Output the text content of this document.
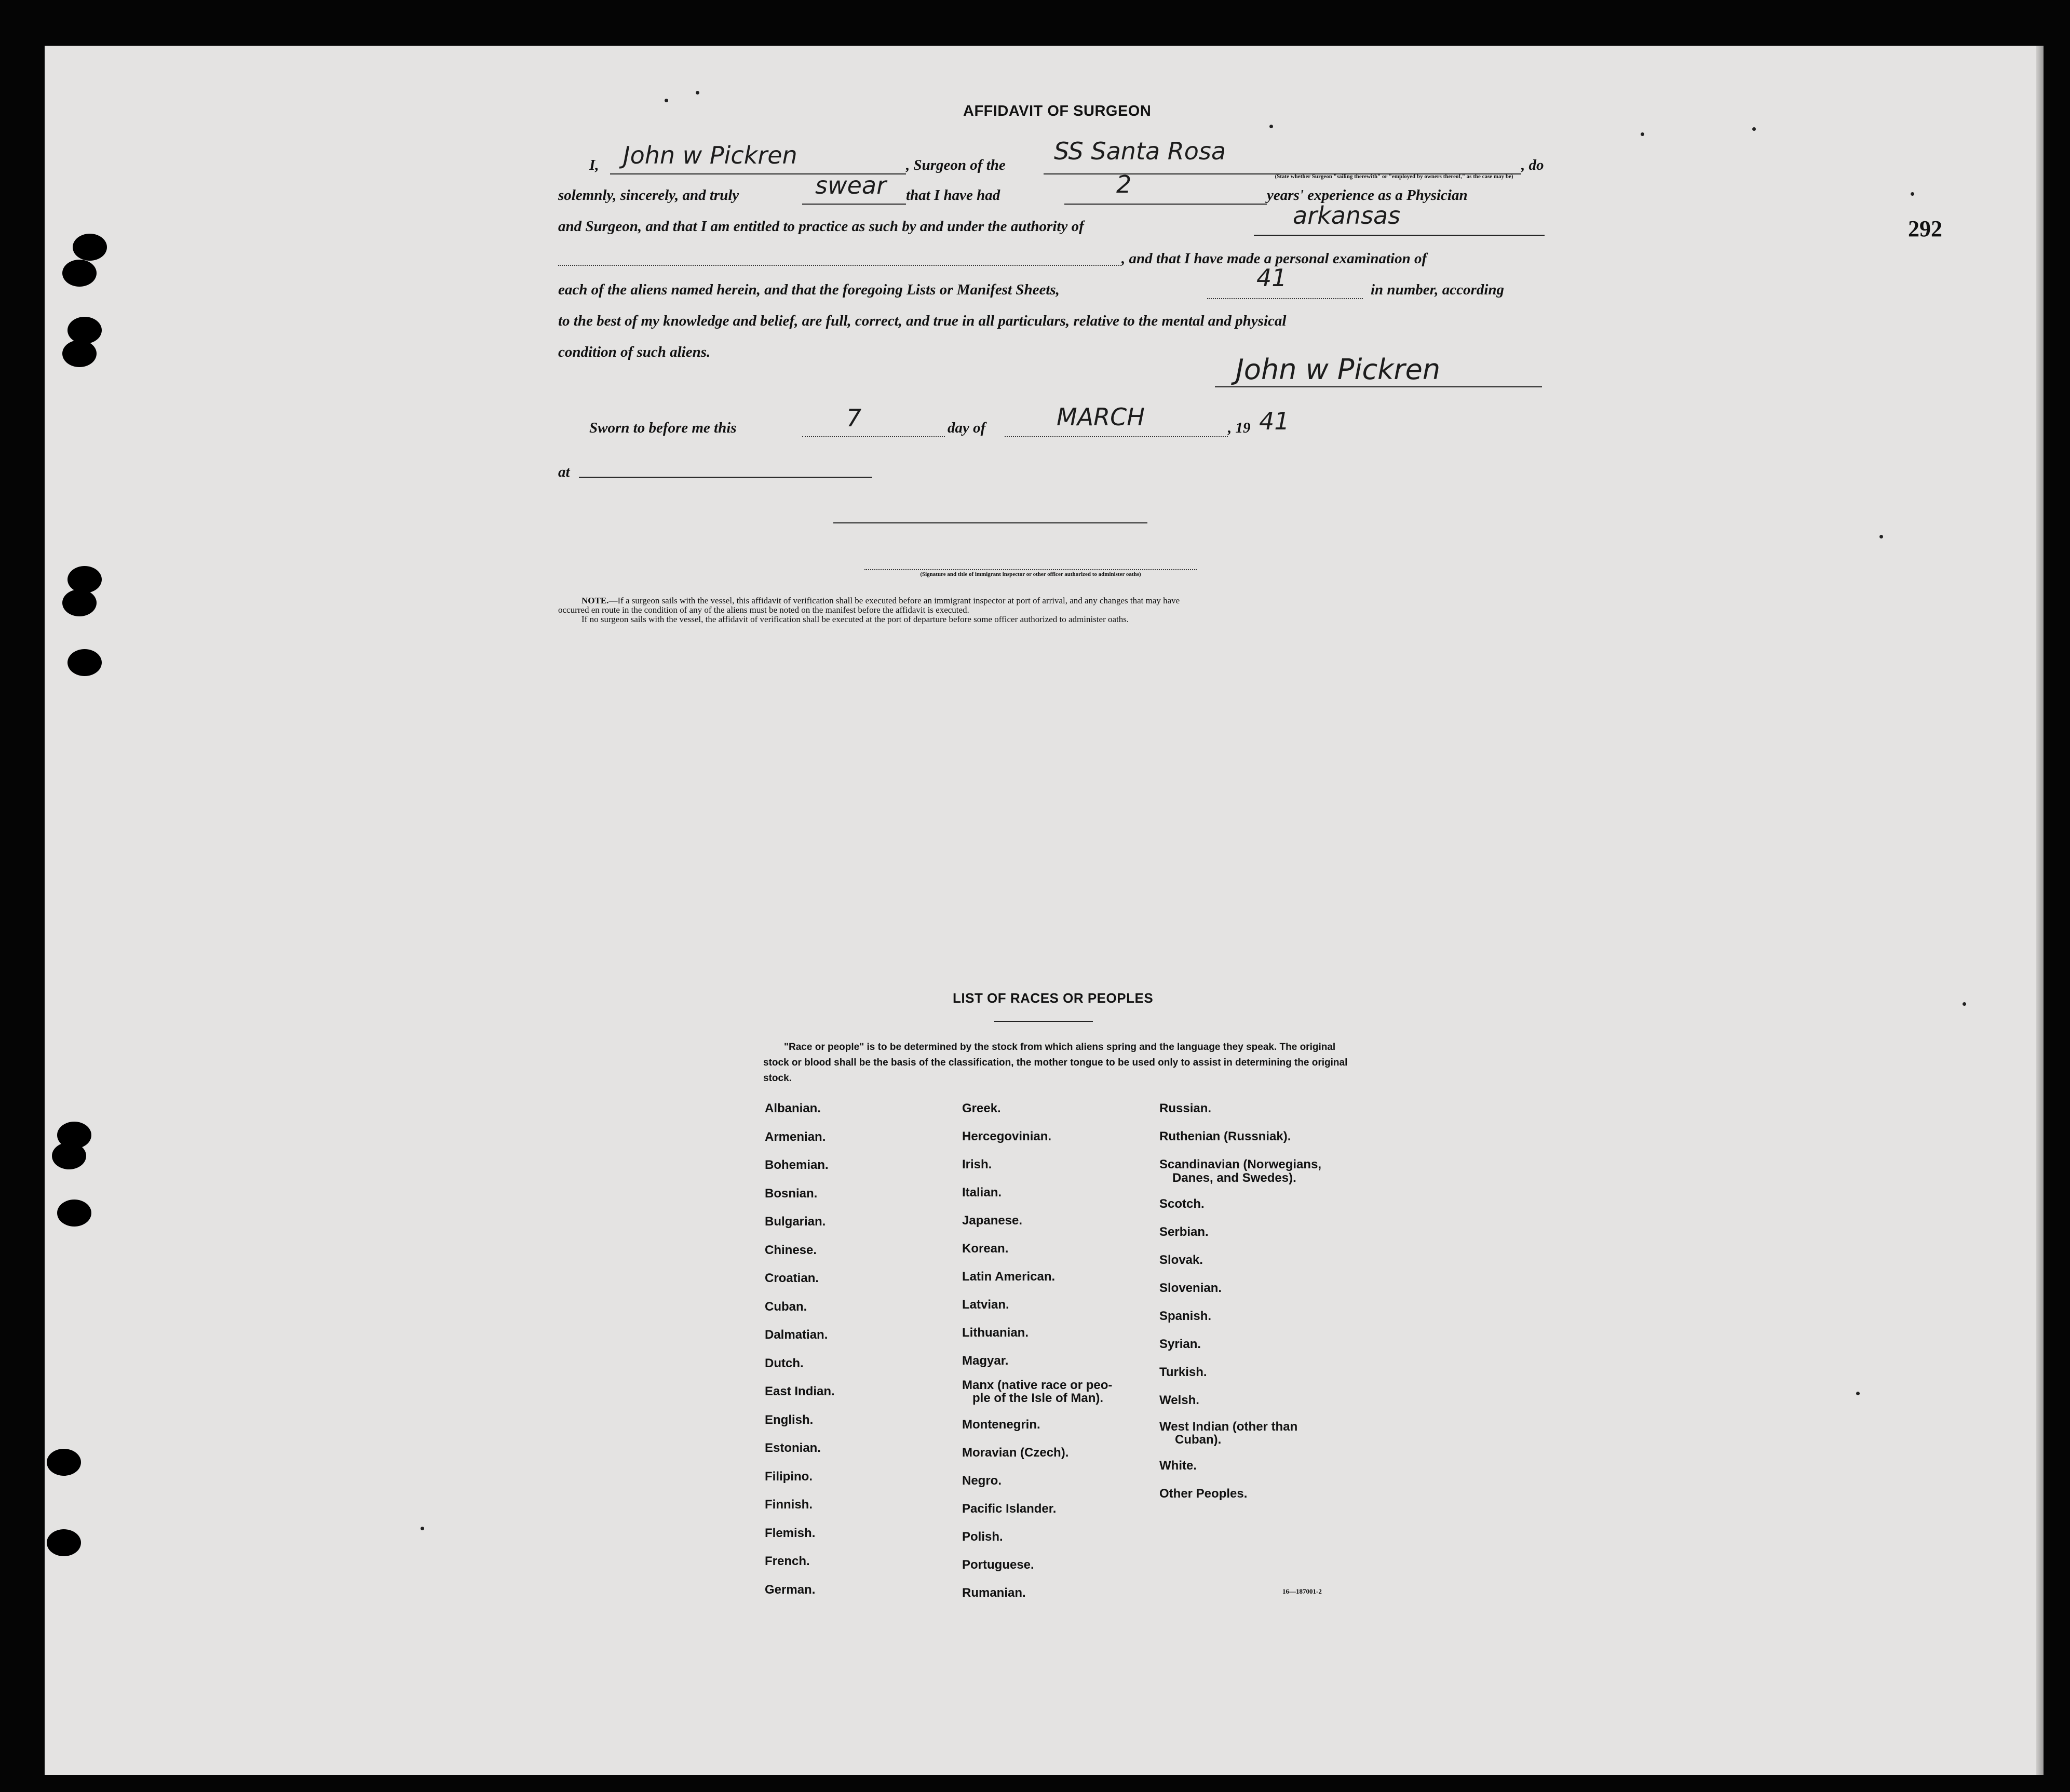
292
AFFIDAVIT OF SURGEON
I, John w Pickren	, Surgeon of the SS Santa Rosa
(State whether Surgeon "sailing therewith" or "employed by owners thereof," as the case may be)
, do
solemnly, sincerely, and truly	swear that I have had	2	years' experience as a Physician
and Surgeon, and that I am entitled to practice as such by and under the authority of	arkansas
, and that I have made a personal examination of
each of the aliens named herein, and that the foregoing Lists or Manifest Sheets,	41	in number, according
to the best of my knowledge and belief, are full, correct, and true in all particulars, relative to the mental and physical
condition of such aliens.
John w Pickren
Sworn to before me this	7	day of	MARCH	, 19 41
at
(Signature and title of immigrant inspector or other officer authorized to administer oaths)
NOTE.—If a surgeon sails with the vessel, this affidavit of verification shall be executed before an immigrant inspector at port of arrival, and any changes that may have
occurred en route in the condition of any of the aliens must be noted on the manifest before the affidavit is executed.
If no surgeon sails with the vessel, the affidavit of verification shall be executed at the port of departure before some officer authorized to administer oaths.
LIST OF RACES OR PEOPLES
"Race or people" is to be determined by the stock from which aliens spring and the language they speak. The original stock or blood shall be the basis of the classification, the mother tongue to be used only to assist in determining the original stock.
Albanian.
Armenian.
Bohemian.
Bosnian.
Bulgarian.
Chinese.
Croatian.
Cuban.
Dalmatian.
Dutch.
East Indian.
English.
Estonian.
Filipino.
Finnish.
Flemish.
French.
German.
Greek.
Hercegovinian.
Irish.
Italian.
Japanese.
Korean.
Latin American.
Latvian.
Lithuanian.
Magyar.
Manx (native race or peo-
ple of the Isle of Man).
Montenegrin.
Moravian (Czech).
Negro.
Pacific Islander.
Polish.
Portuguese.
Rumanian.
Russian.
Ruthenian (Russniak).
Scandinavian (Norwegians,
Danes, and Swedes).
Scotch.
Serbian.
Slovak.
Slovenian.
Spanish.
Syrian.
Turkish.
Welsh.
West Indian (other than
Cuban).
White.
Other Peoples.
16—187001-2
